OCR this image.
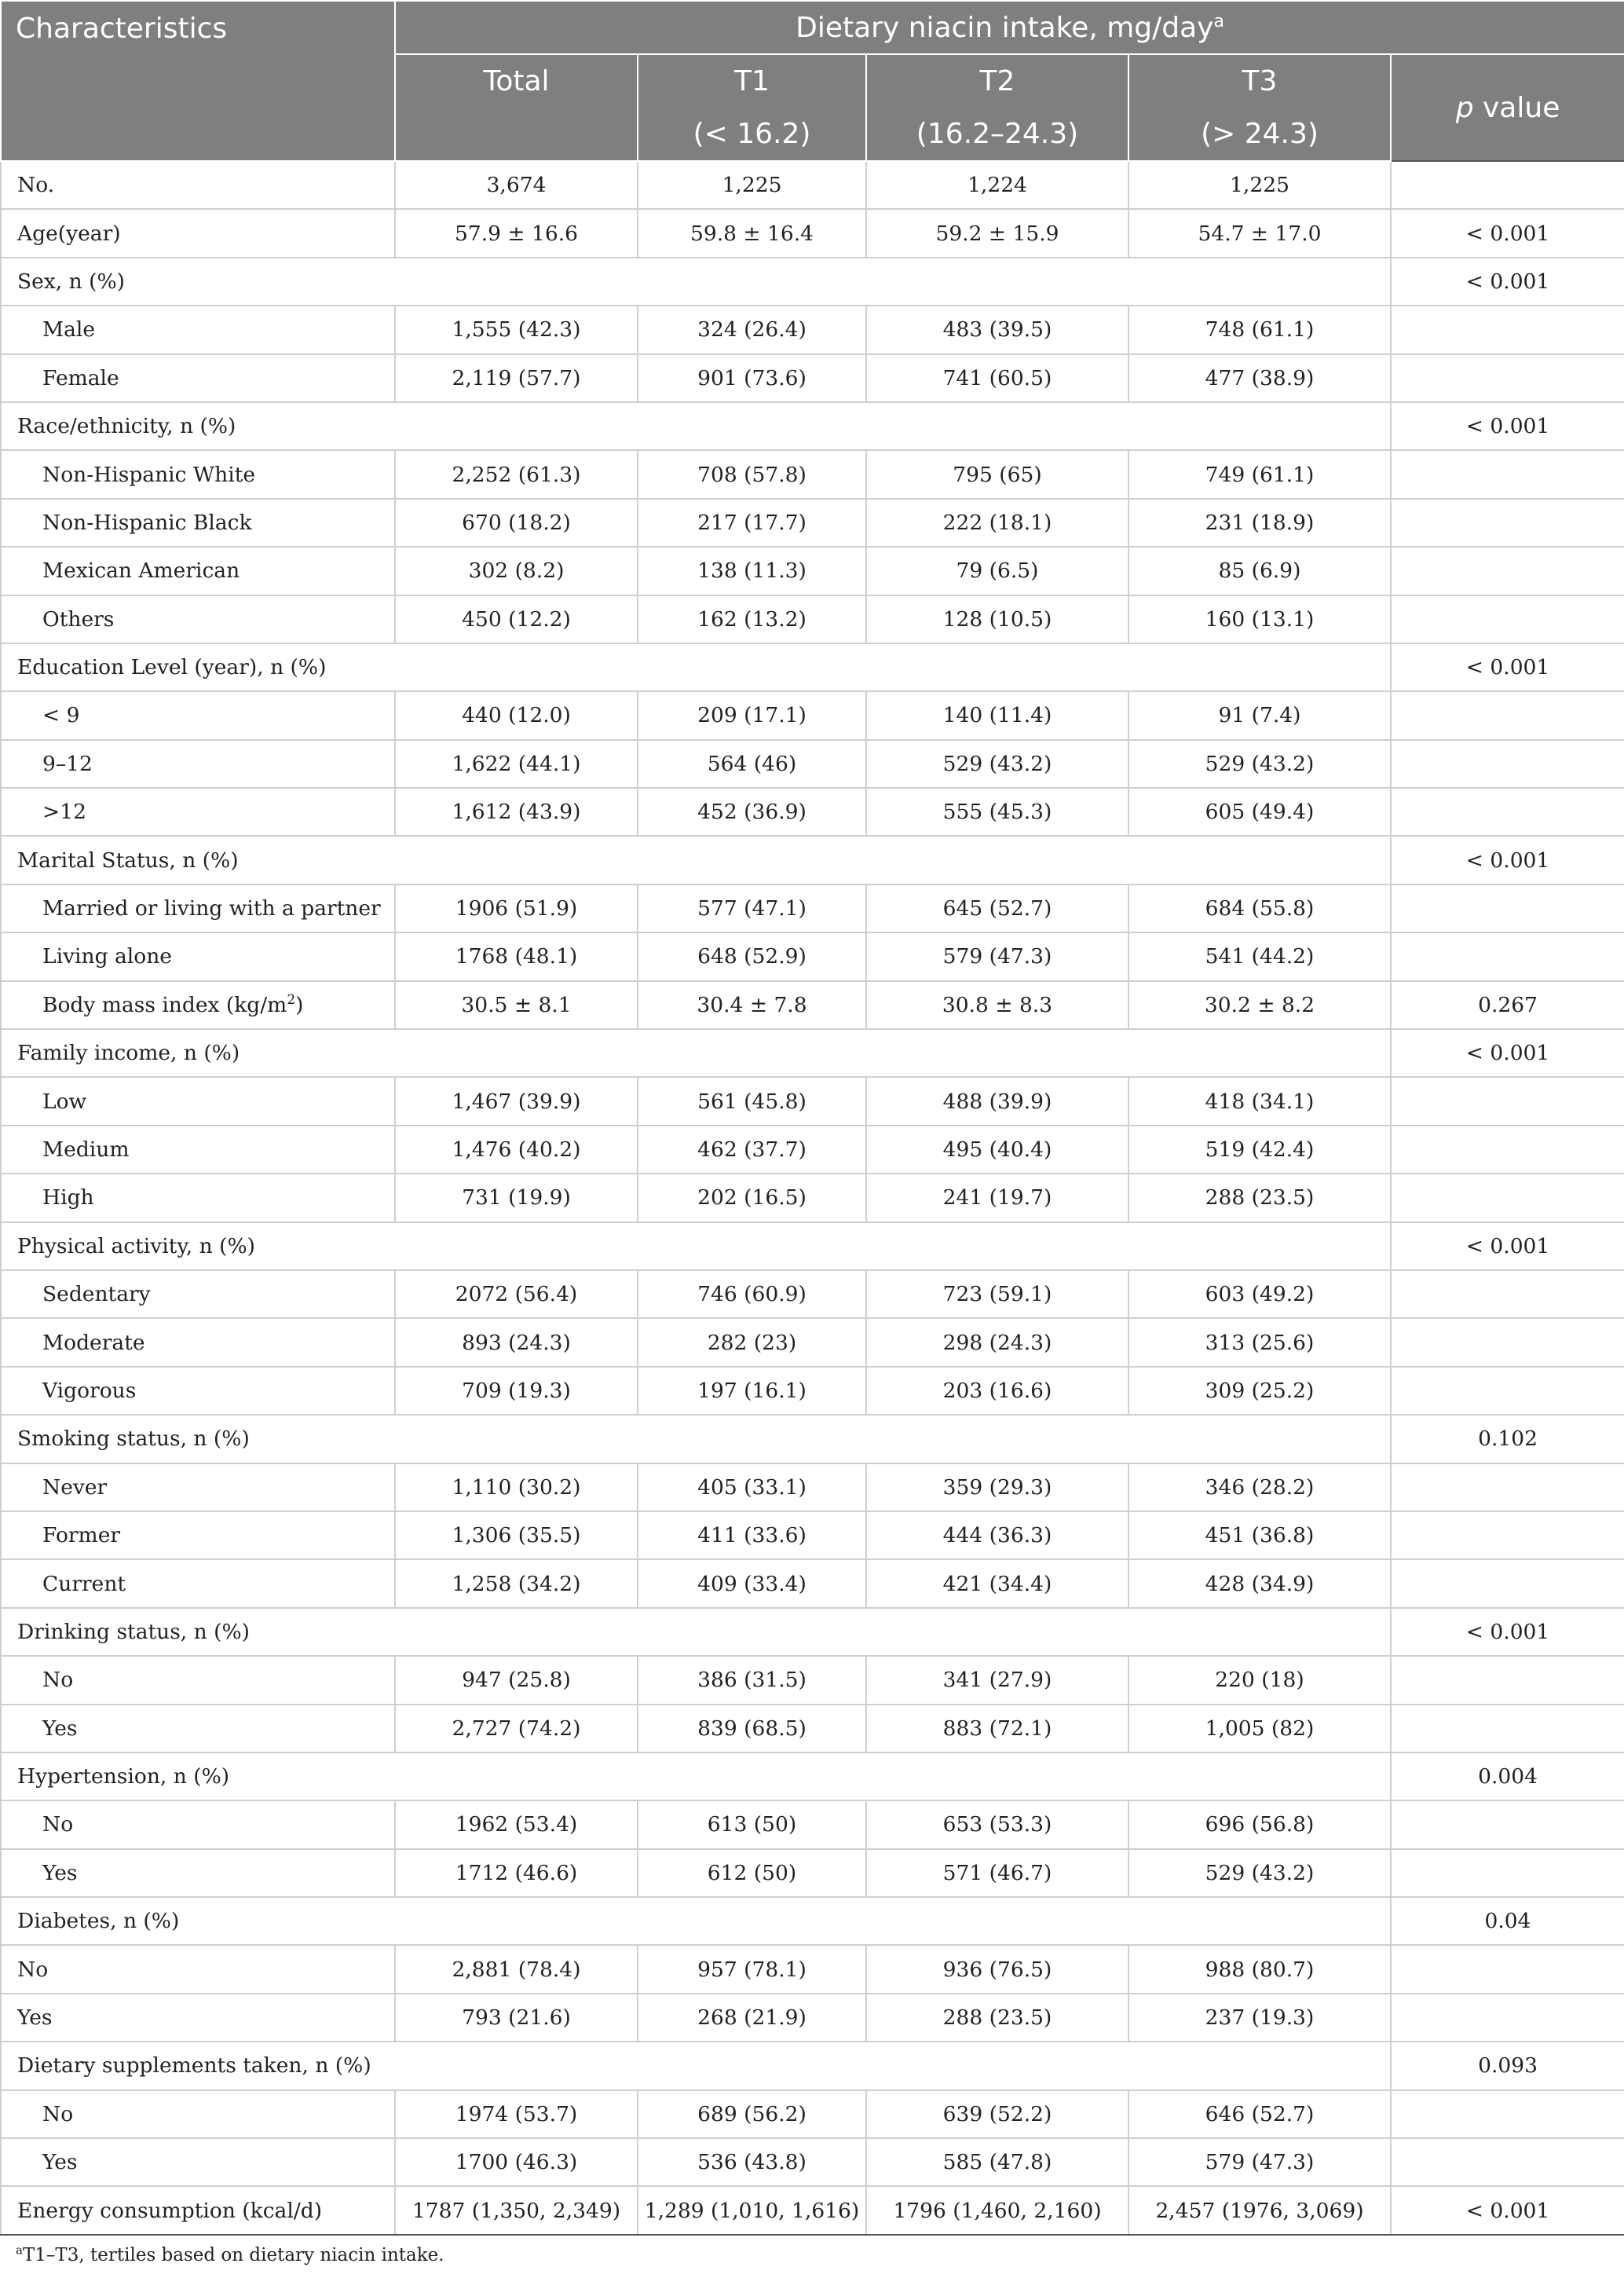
Characteristics	Dietary niacin intake, mg/day$^a$
	Total	T1	T2	T3	p value
		(< 16.2)	(16.2–24.3)	(> 24.3)	
No.	3,674	1,225	1,224	1,225	
Age(year)	57.9 ± 16.6	59.8 ± 16.4	59.2 ± 15.9	54.7 ± 17.0	< 0.001
Sex, n (%)					< 0.001
Male	1,555 (42.3)	324 (26.4)	483 (39.5)	748 (61.1)	
Female	2,119 (57.7)	901 (73.6)	741 (60.5)	477 (38.9)	
Race/ethnicity, n (%)					< 0.001
Non-Hispanic White	2,252 (61.3)	708 (57.8)	795 (65)	749 (61.1)	
Non-Hispanic Black	670 (18.2)	217 (17.7)	222 (18.1)	231 (18.9)	
Mexican American	302 (8.2)	138 (11.3)	79 (6.5)	85 (6.9)	
Others	450 (12.2)	162 (13.2)	128 (10.5)	160 (13.1)	
Education Level (year), n (%)					< 0.001
< 9	440 (12.0)	209 (17.1)	140 (11.4)	91 (7.4)	
9–12	1,622 (44.1)	564 (46)	529 (43.2)	529 (43.2)	
>12	1,612 (43.9)	452 (36.9)	555 (45.3)	605 (49.4)	
Marital Status, n (%)					< 0.001
Married or living with a partner	1906 (51.9)	577 (47.1)	645 (52.7)	684 (55.8)	
Living alone	1768 (48.1)	648 (52.9)	579 (47.3)	541 (44.2)	
Body mass index $(kg/m^2)$	30.5 ± 8.1	30.4 ± 7.8	30.8 ± 8.3	30.2 ± 8.2	0.267
Family income, n (%)					< 0.001
Low	1,467 (39.9)	561 (45.8)	488 (39.9)	418 (34.1)	
Medium	1,476 (40.2)	462 (37.7)	495 (40.4)	519 (42.4)	
High	731 (19.9)	202 (16.5)	241 (19.7)	288 (23.5)	
Physical activity, n (%)					< 0.001
Sedentary	2072 (56.4)	746 (60.9)	723 (59.1)	603 (49.2)	
Moderate	893 (24.3)	282 (23)	298 (24.3)	313 (25.6)	
Vigorous	709 (19.3)	197 (16.1)	203 (16.6)	309 (25.2)	
Smoking status, n (%)					0.102
Never	1,110 (30.2)	405 (33.1)	359 (29.3)	346 (28.2)	
Former	1,306 (35.5)	411 (33.6)	444 (36.3)	451 (36.8)	
Current	1,258 (34.2)	409 (33.4)	421 (34.4)	428 (34.9)	
Drinking status, n (%)					< 0.001
No	947 (25.8)	386 (31.5)	341 (27.9)	220 (18)	
Yes	2,727 (74.2)	839 (68.5)	883 (72.1)	1,005 (82)	
Hypertension, n (%)					0.004
No	1962 (53.4)	613 (50)	653 (53.3)	696 (56.8)	
Yes	1712 (46.6)	612 (50)	571 (46.7)	529 (43.2)	
Diabetes, n (%)					0.04
No	2,881 (78.4)	957 (78.1)	936 (76.5)	988 (80.7)	
Yes	793 (21.6)	268 (21.9)	288 (23.5)	237 (19.3)	
Dietary supplements taken, n (%)					0.093
No	1974 (53.7)	689 (56.2)	639 (52.2)	646 (52.7)	
Yes	1700 (46.3)	536 (43.8)	585 (47.8)	579 (47.3)	
Energy consumption (kcal/d)	1787 (1,350, 2,349)	1,289 (1,010, 1,616)	1796 (1,460, 2,160)	2,457 (1976, 3,069)	< 0.001
$^a$T1–T3, tertiles based on dietary niacin intake.
